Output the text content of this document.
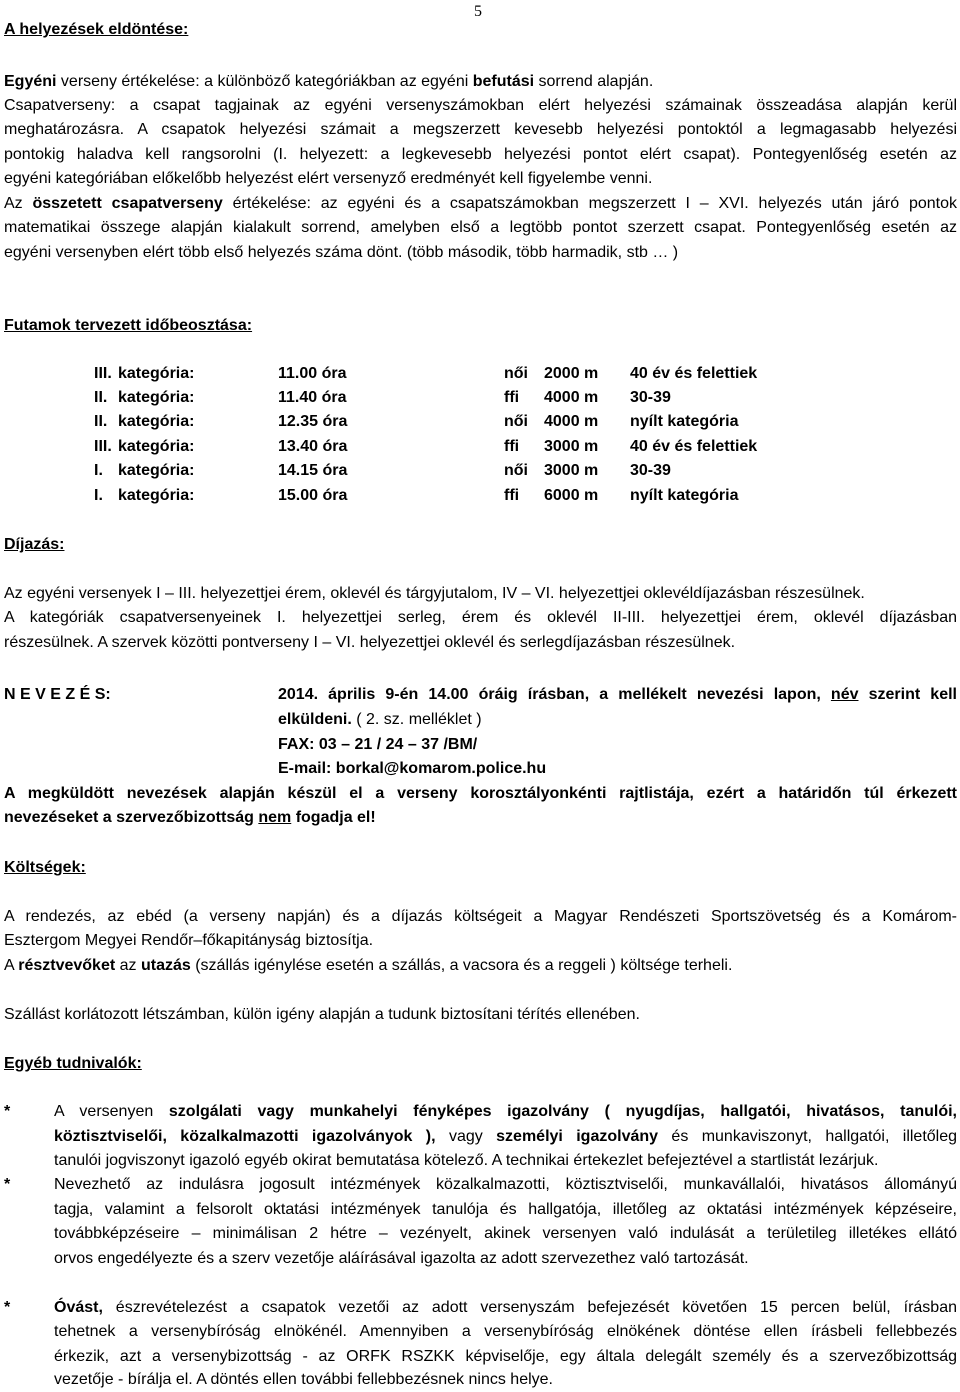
5
A helyezések eldöntése:
Egyéni verseny értékelése: a különböző kategóriákban az egyéni befutási sorrend alapján.
Csapatverseny: a csapat tagjainak az egyéni versenyszámokban elért helyezési számainak összeadása alapján kerül
meghatározásra. A csapatok helyezési számait a megszerzett kevesebb helyezési pontoktól a legmagasabb helyezési
pontokig haladva kell rangsorolni (I. helyezett: a legkevesebb helyezési pontot elért csapat). Pontegyenlőség esetén az
egyéni kategóriában előkelőbb helyezést elért versenyző eredményét kell figyelembe venni.
Az összetett csapatverseny értékelése: az egyéni és a csapatszámokban megszerzett I – XVI. helyezés után járó pontok
matematikai összege alapján kialakult sorrend, amelyben első a legtöbb pontot szerzett csapat. Pontegyenlőség esetén az
egyéni versenyben elért több első helyezés száma dönt. (több második, több harmadik, stb … )
Futamok tervezett időbeosztása:
III. kategória:	11.00 óra	női 2000 m 40 év és felettiek
II. kategória:	11.40 óra	ffi 4000 m 30-39
II. kategória:	12.35 óra	női 4000 m nyílt kategória
III. kategória:	13.40 óra	ffi 3000 m 40 év és felettiek
I. kategória:	14.15 óra	női 3000 m 30-39
I. kategória:	15.00 óra	ffi 6000 m nyílt kategória
Díjazás:
Az egyéni versenyek I – III. helyezettjei érem, oklevél és tárgyjutalom, IV – VI. helyezettjei oklevéldíjazásban részesülnek.
A kategóriák csapatversenyeinek I. helyezettjei serleg, érem és oklevél II-III. helyezettjei érem, oklevél díjazásban
részesülnek. A szervek közötti pontverseny I – VI. helyezettjei oklevél és serlegdíjazásban részesülnek.
N E V E Z É S:	2014. április 9-én 14.00 óráig írásban, a mellékelt nevezési lapon, név szerint kell
elküldeni. ( 2. sz. melléklet )
FAX: 03 – 21 / 24 – 37 /BM/
E-mail: borkal@komarom.police.hu
A megküldött nevezések alapján készül el a verseny korosztályonkénti rajtlistája, ezért a határidőn túl érkezett
nevezéseket a szervezőbizottság nem fogadja el!
Költségek:
A rendezés, az ebéd (a verseny napján) és a díjazás költségeit a Magyar Rendészeti Sportszövetség és a Komárom-
Esztergom Megyei Rendőr–főkapitányság biztosítja.
A résztvevőket az utazás (szállás igénylése esetén a szállás, a vacsora és a reggeli ) költsége terheli.
Szállást korlátozott létszámban, külön igény alapján a tudunk biztosítani térítés ellenében.
Egyéb tudnivalók:
*	A versenyen szolgálati vagy munkahelyi fényképes igazolvány ( nyugdíjas, hallgatói, hivatásos, tanulói,
köztisztviselői, közalkalmazotti igazolványok ), vagy személyi igazolvány és munkaviszonyt, hallgatói, illetőleg
tanulói jogviszonyt igazoló egyéb okirat bemutatása kötelező. A technikai értekezlet befejeztével a startlistát lezárjuk.
*	Nevezhető az indulásra jogosult intézmények közalkalmazotti, köztisztviselői, munkavállalói, hivatásos állományú
tagja, valamint a felsorolt oktatási intézmények tanulója és hallgatója, illetőleg az oktatási intézmények képzéseire,
továbbképzéseire – minimálisan 2 hétre – vezényelt, akinek versenyen való indulását a területileg illetékes ellátó
orvos engedélyezte és a szerv vezetője aláírásával igazolta az adott szervezethez való tartozását.
*	Óvást, észrevételezést a csapatok vezetői az adott versenyszám befejezését követően 15 percen belül, írásban
tehetnek a versenybíróság elnökénél. Amennyiben a versenybíróság elnökének döntése ellen írásbeli fellebbezés
érkezik, azt a versenybizottság - az ORFK RSZKK képviselője, egy általa delegált személy és a szervezőbizottság
vezetője - bírálja el. A döntés ellen további fellebbezésnek nincs helye.
